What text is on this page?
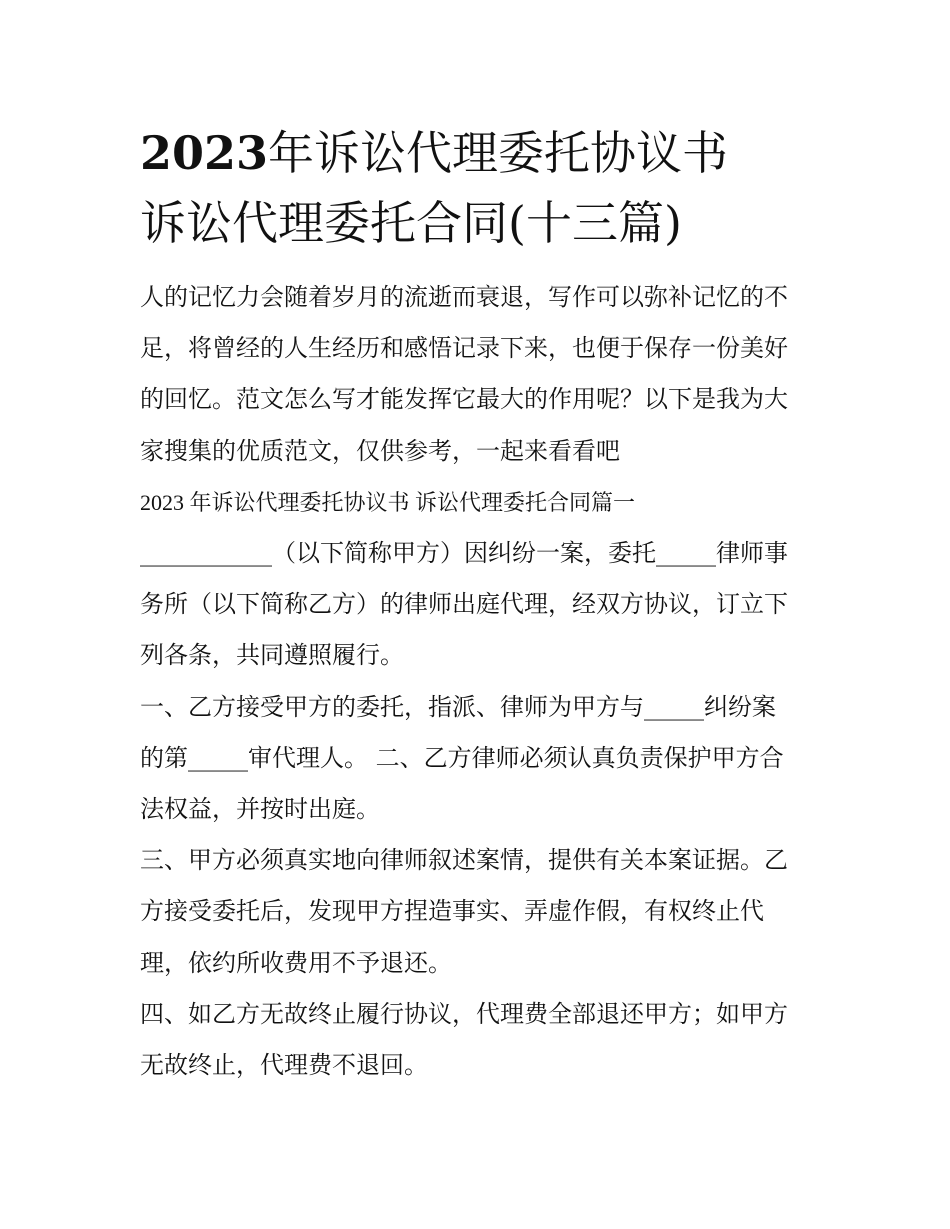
2023年诉讼代理委托协议书
诉讼代理委托合同(十三篇)

人的记忆力会随着岁月的流逝而衰退，写作可以弥补记忆的不
足，将曾经的人生经历和感悟记录下来，也便于保存一份美好
的回忆。范文怎么写才能发挥它最大的作用呢？以下是我为大
家搜集的优质范文，仅供参考，一起来看看吧

2023 年诉讼代理委托协议书 诉讼代理委托合同篇一

___________（以下简称甲方）因纠纷一案，委托_____律师事
务所（以下简称乙方）的律师出庭代理，经双方协议，订立下
列各条，共同遵照履行。

一、乙方接受甲方的委托，指派、律师为甲方与_____纠纷案
的第_____审代理人。 二、乙方律师必须认真负责保护甲方合
法权益，并按时出庭。

三、甲方必须真实地向律师叙述案情，提供有关本案证据。乙
方接受委托后，发现甲方捏造事实、弄虚作假，有权终止代
理，依约所收费用不予退还。

四、如乙方无故终止履行协议，代理费全部退还甲方；如甲方
无故终止，代理费不退回。
